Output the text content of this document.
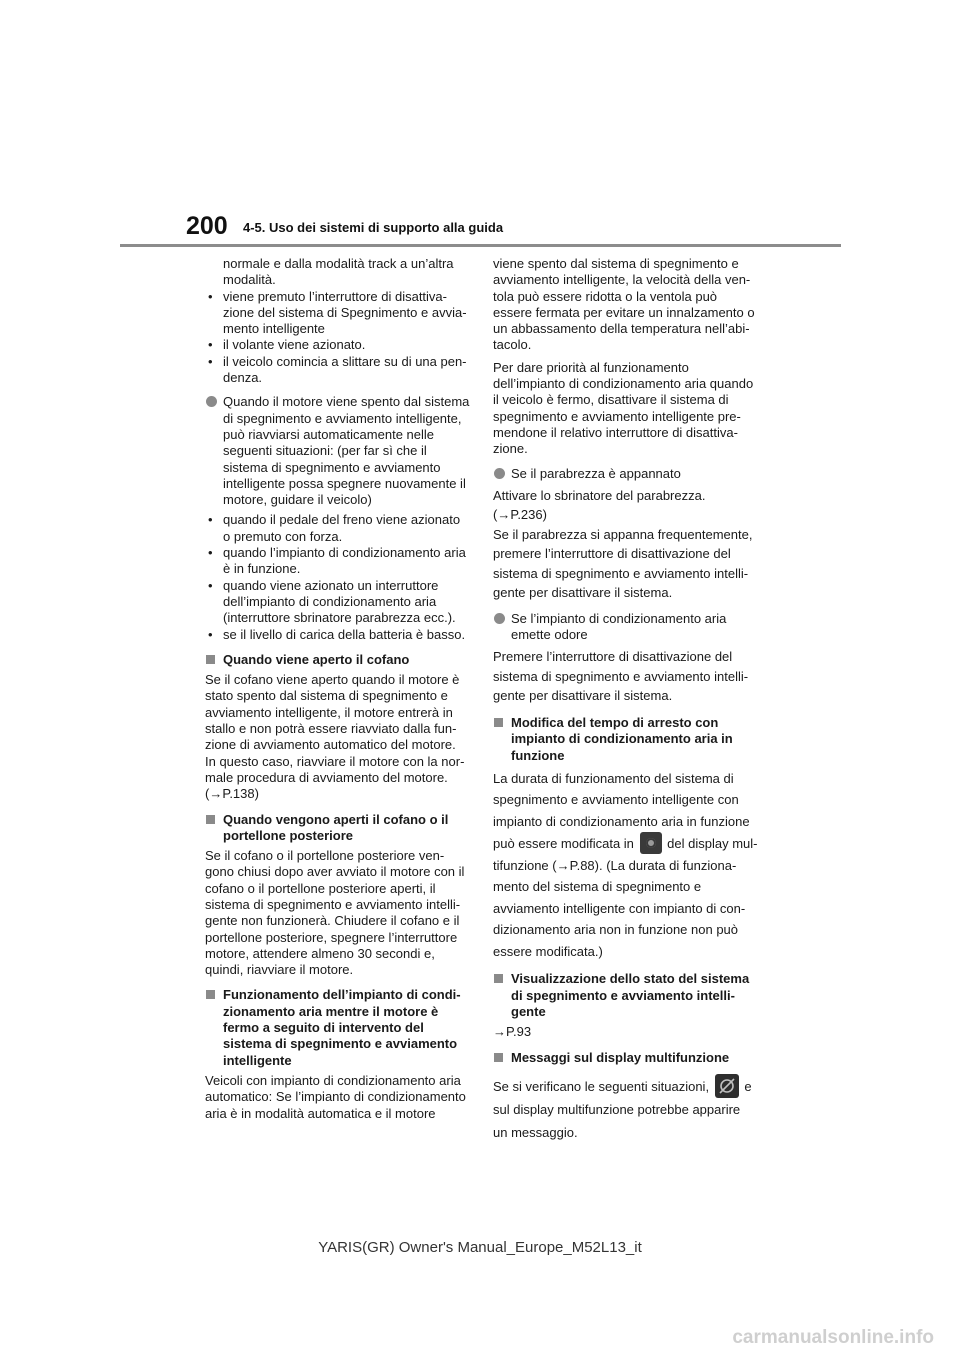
200 4-5. Uso dei sistemi di supporto alla guida

normale e dalla modalità track a un’altra modalità.

• viene premuto l’interruttore di disattiva-zione del sistema di Spegnimento e avvia-mento intelligente

• il volante viene azionato.

• il veicolo comincia a slittare su di una pen-denza.

Quando il motore viene spento dal sistema di spegnimento e avviamento intelligente, può riavviarsi automaticamente nelle seguenti situazioni: (per far sì che il sistema di spegnimento e avviamento intelligente possa spegnere nuovamente il motore, guidare il veicolo)

• quando il pedale del freno viene azionato o premuto con forza.

• quando l’impianto di condizionamento aria è in funzione.

• quando viene azionato un interruttore dell’impianto di condizionamento aria (interruttore sbrinatore parabrezza ecc.).

• se il livello di carica della batteria è basso.

Quando viene aperto il cofano

Se il cofano viene aperto quando il motore è stato spento dal sistema di spegnimento e avviamento intelligente, il motore entrerà in stallo e non potrà essere riavviato dalla fun-zione di avviamento automatico del motore. In questo caso, riavviare il motore con la nor-male procedura di avviamento del motore.

(→P.138)

Quando vengono aperti il cofano o il portellone posteriore

Se il cofano o il portellone posteriore ven-gono chiusi dopo aver avviato il motore con il cofano o il portellone posteriore aperti, il sistema di spegnimento e avviamento intelli-gente non funzionerà. Chiudere il cofano e il portellone posteriore, spegnere l’interruttore motore, attendere almeno 30 secondi e, quindi, riavviare il motore.

Funzionamento dell’impianto di condi-zionamento aria mentre il motore è fermo a seguito di intervento del sistema di spegnimento e avviamento intelligente

Veicoli con impianto di condizionamento aria automatico: Se l’impianto di condizionamento aria è in modalità automatica e il motore

viene spento dal sistema di spegnimento e avviamento intelligente, la velocità della ven-tola può essere ridotta o la ventola può essere fermata per evitare un innalzamento o un abbassamento della temperatura nell’abi-tacolo.

Per dare priorità al funzionamento dell’impianto di condizionamento aria quando il veicolo è fermo, disattivare il sistema di spegnimento e avviamento intelligente pre-mendone il relativo interruttore di disattiva-zione.

Se il parabrezza è appannato

Attivare lo sbrinatore del parabrezza.

(→P.236)

Se il parabrezza si appanna frequentemente, premere l’interruttore di disattivazione del sistema di spegnimento e avviamento intelli-gente per disattivare il sistema.

Se l’impianto di condizionamento aria emette odore

Premere l’interruttore di disattivazione del sistema di spegnimento e avviamento intelli-gente per disattivare il sistema.

Modifica del tempo di arresto con impianto di condizionamento aria in funzione

La durata di funzionamento del sistema di spegnimento e avviamento intelligente con impianto di condizionamento aria in funzione può essere modificata in	del display mul-tifunzione (→P.88). (La durata di funziona-mento del sistema di spegnimento e avviamento intelligente con impianto di con-dizionamento aria non in funzione non può essere modificata.)

Visualizzazione dello stato del sistema di spegnimento e avviamento intelli-gente

→P.93

Messaggi sul display multifunzione

Se si verificano le seguenti situazioni,	e sul display multifunzione potrebbe apparire un messaggio.

YARIS(GR) Owner's Manual_Europe_M52L13_it
carmanualsonline.info
